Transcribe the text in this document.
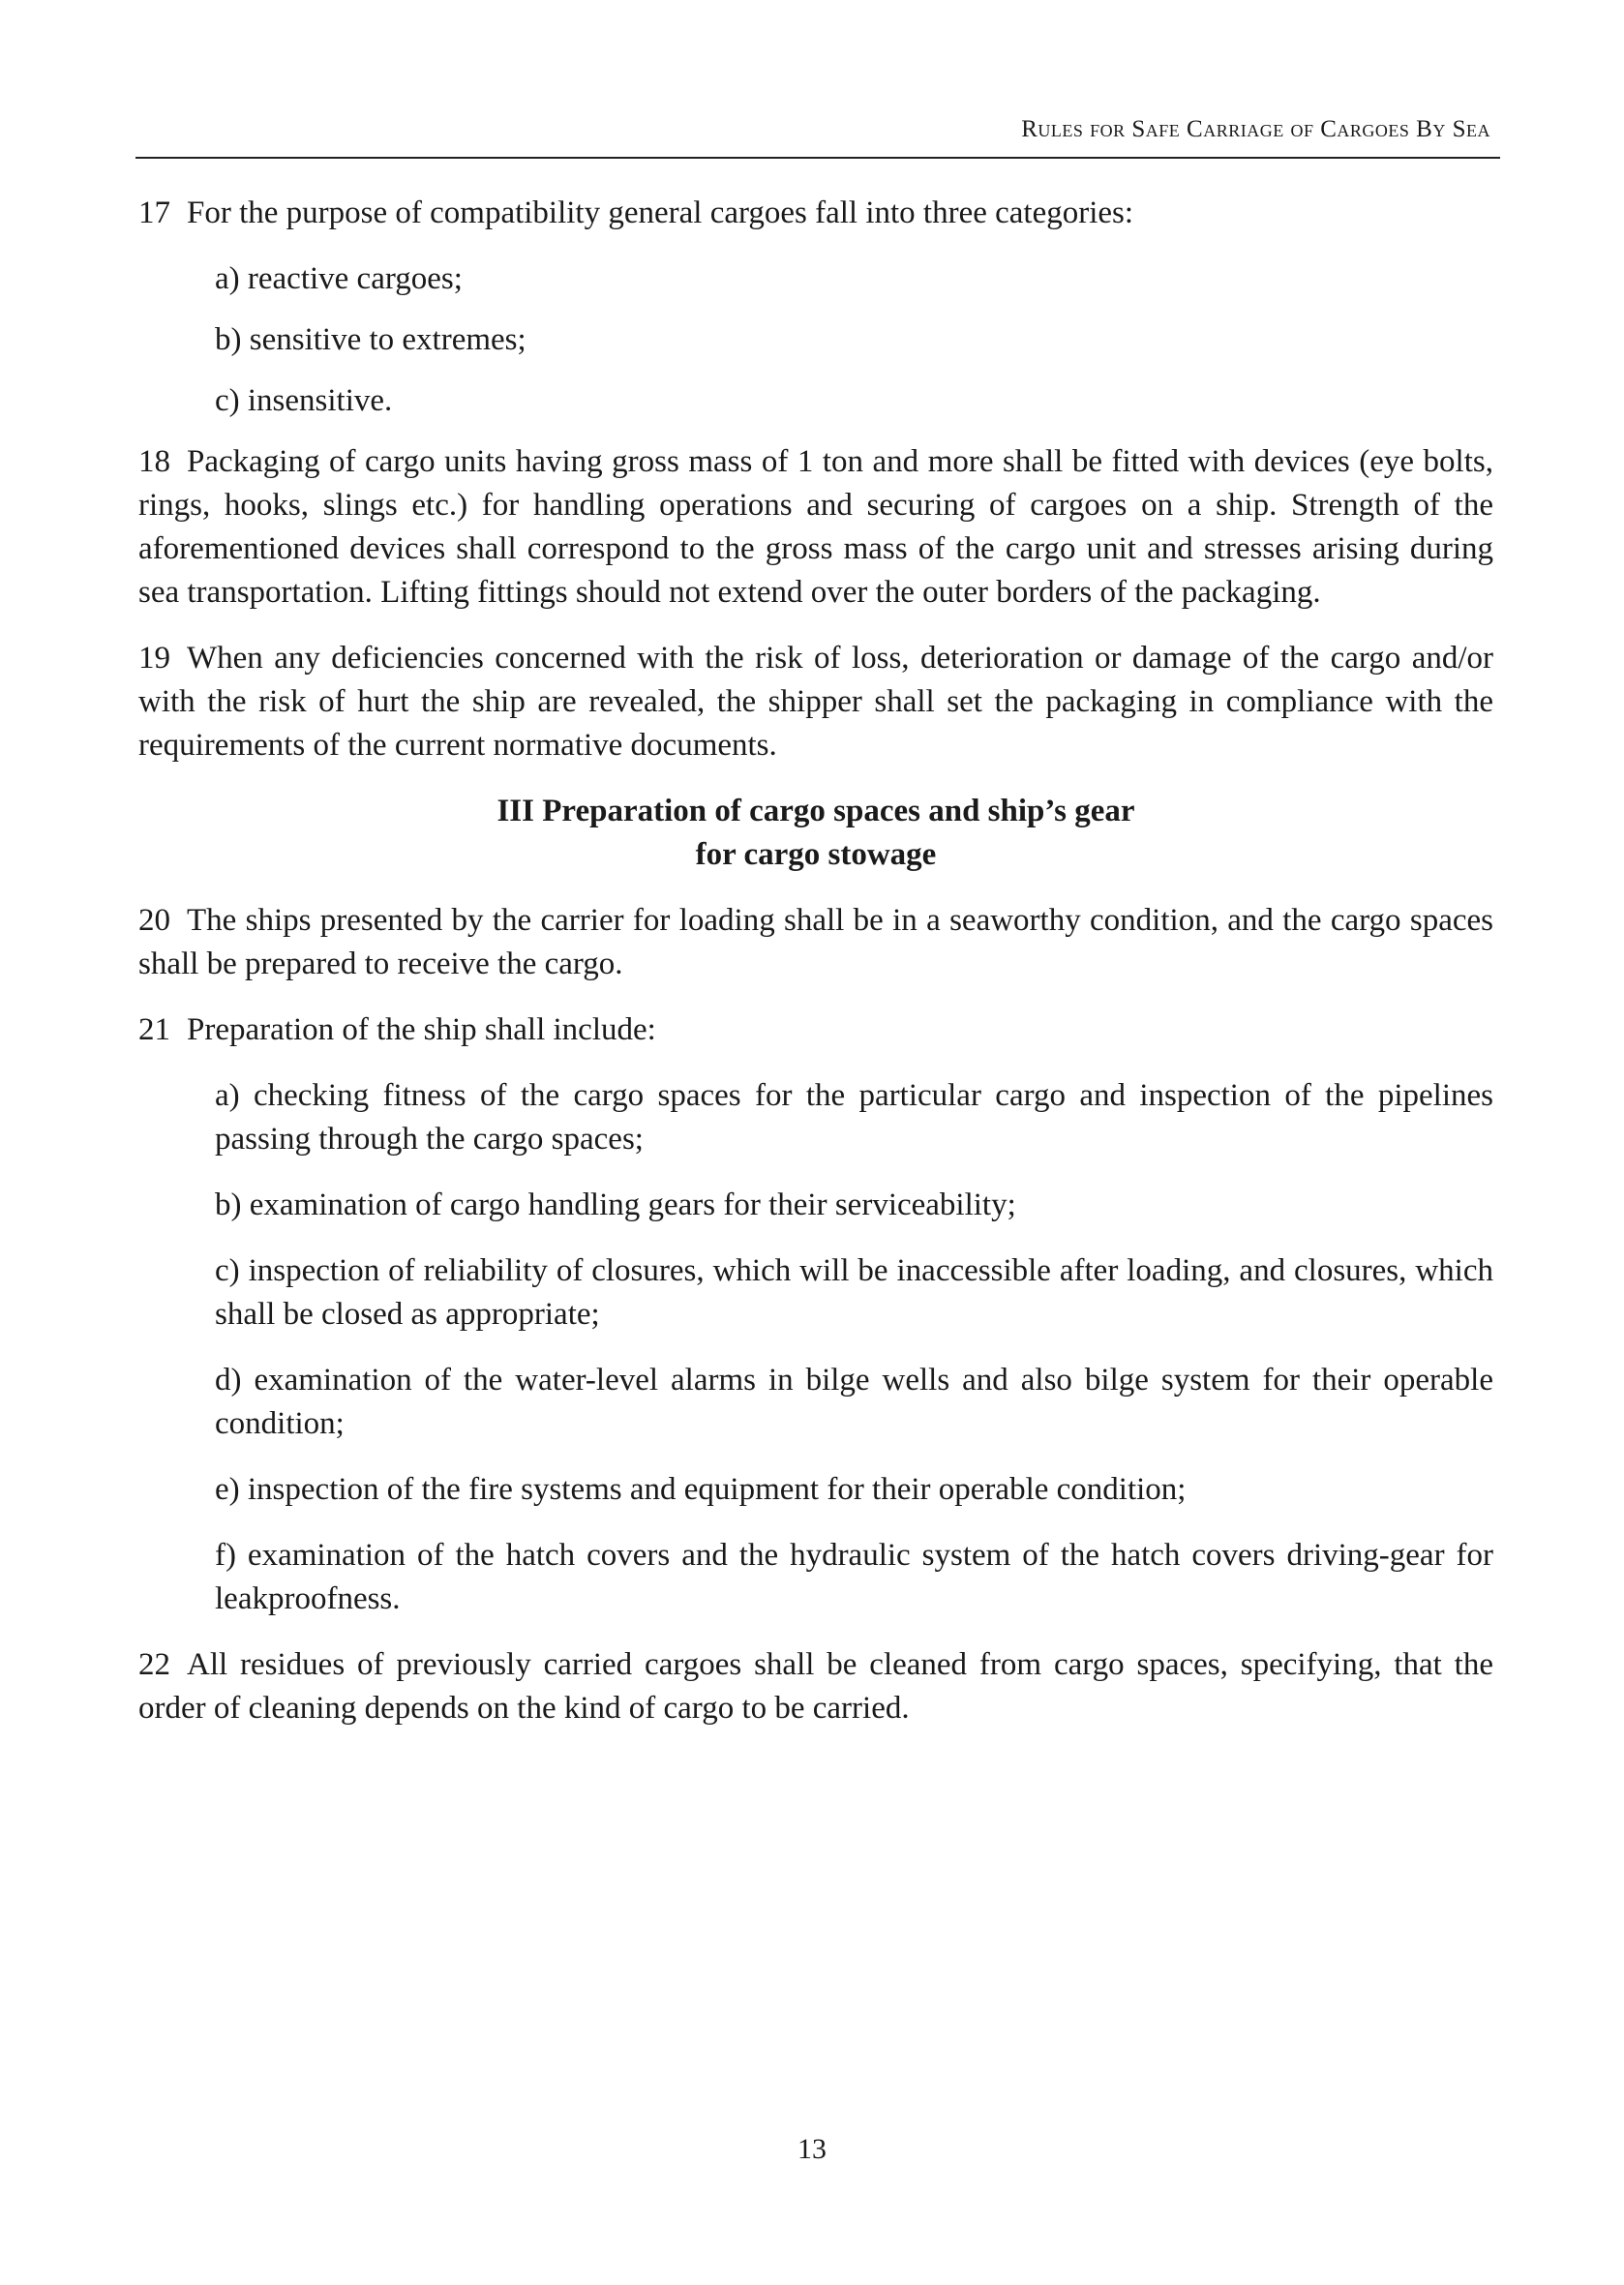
Rules for Safe Carriage of Cargoes By Sea

17 For the purpose of compatibility general cargoes fall into three categories:

a) reactive cargoes;

b) sensitive to extremes;

c) insensitive.

18 Packaging of cargo units having gross mass of 1 ton and more shall be fitted with devices (eye bolts, rings, hooks, slings etc.) for handling operations and securing of cargoes on a ship. Strength of the aforementioned devices shall correspond to the gross mass of the cargo unit and stresses arising during sea transportation. Lifting fittings should not extend over the outer borders of the packaging.

19 When any deficiencies concerned with the risk of loss, deterioration or damage of the cargo and/or with the risk of hurt the ship are revealed, the shipper shall set the packaging in compliance with the requirements of the current normative documents.

III Preparation of cargo spaces and ship’s gear
for cargo stowage

20 The ships presented by the carrier for loading shall be in a seaworthy condition, and the cargo spaces shall be prepared to receive the cargo.

21 Preparation of the ship shall include:

a) checking fitness of the cargo spaces for the particular cargo and inspection of the pipelines passing through the cargo spaces;

b) examination of cargo handling gears for their serviceability;

c) inspection of reliability of closures, which will be inaccessible after loading, and closures, which shall be closed as appropriate;

d) examination of the water-level alarms in bilge wells and also bilge system for their operable condition;

e) inspection of the fire systems and equipment for their operable condition;

f) examination of the hatch covers and the hydraulic system of the hatch covers driving-gear for leakproofness.

22 All residues of previously carried cargoes shall be cleaned from cargo spaces, specifying, that the order of cleaning depends on the kind of cargo to be carried.

13
